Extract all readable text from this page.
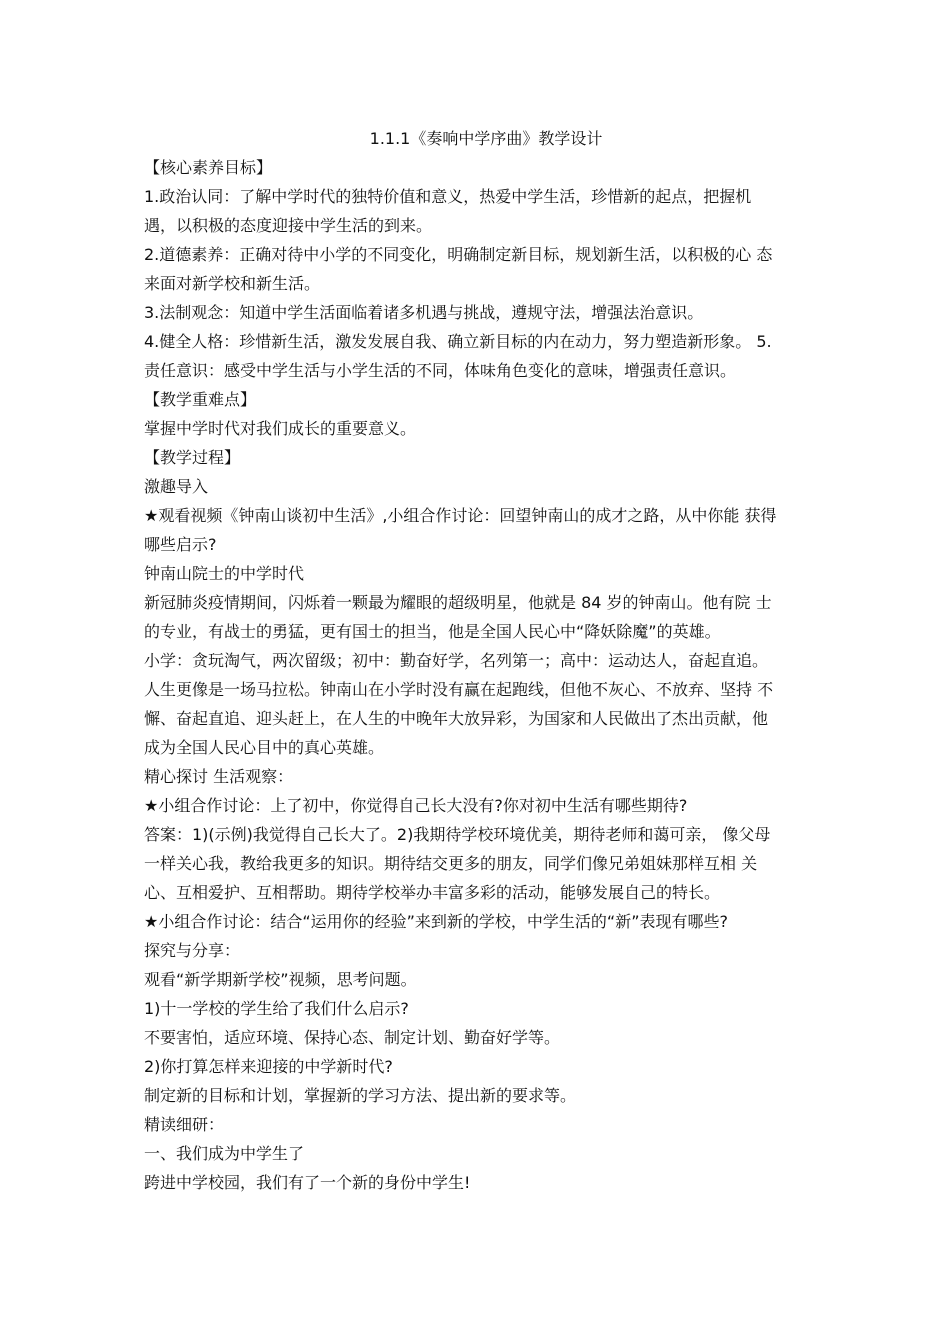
1.1.1《奏响中学序曲》教学设计

【核心素养目标】

1.政治认同：了解中学时代的独特价值和意义，热爱中学生活，珍惜新的起点，把握机

遇，以积极的态度迎接中学生活的到来。

2.道德素养：正确对待中小学的不同变化，明确制定新目标，规划新生活，以积极的心 态

来面对新学校和新生活。

3.法制观念：知道中学生活面临着诸多机遇与挑战，遵规守法，增强法治意识。

4.健全人格：珍惜新生活，激发发展自我、确立新目标的内在动力，努力塑造新形象。 5.

责任意识：感受中学生活与小学生活的不同，体味角色变化的意味，增强责任意识。

【教学重难点】

掌握中学时代对我们成长的重要意义。

【教学过程】

激趣导入

★观看视频《钟南山谈初中生活》,小组合作讨论：回望钟南山的成才之路，从中你能 获得

哪些启示?

钟南山院士的中学时代

新冠肺炎疫情期间，闪烁着一颗最为耀眼的超级明星，他就是 84 岁的钟南山。他有院 士

的专业，有战士的勇猛，更有国士的担当，他是全国人民心中“降妖除魔”的英雄。

小学：贪玩淘气，两次留级；初中：勤奋好学，名列第一；高中：运动达人，奋起直追。

人生更像是一场马拉松。钟南山在小学时没有赢在起跑线，但他不灰心、不放弃、坚持 不

懈、奋起直追、迎头赶上，在人生的中晚年大放异彩，为国家和人民做出了杰出贡献，他

成为全国人民心目中的真心英雄。

精心探讨 生活观察：

★小组合作讨论：上了初中，你觉得自己长大没有?你对初中生活有哪些期待?

答案：1)(示例)我觉得自己长大了。2)我期待学校环境优美，期待老师和蔼可亲， 像父母

一样关心我，教给我更多的知识。期待结交更多的朋友，同学们像兄弟姐妹那样互相 关

心、互相爱护、互相帮助。期待学校举办丰富多彩的活动，能够发展自己的特长。

★小组合作讨论：结合“运用你的经验”来到新的学校，中学生活的“新”表现有哪些?

探究与分享：

观看“新学期新学校”视频，思考问题。

1)十一学校的学生给了我们什么启示?

不要害怕，适应环境、保持心态、制定计划、勤奋好学等。

2)你打算怎样来迎接的中学新时代?

制定新的目标和计划，掌握新的学习方法、提出新的要求等。

精读细研：

一、我们成为中学生了

跨进中学校园，我们有了一个新的身份中学生!
